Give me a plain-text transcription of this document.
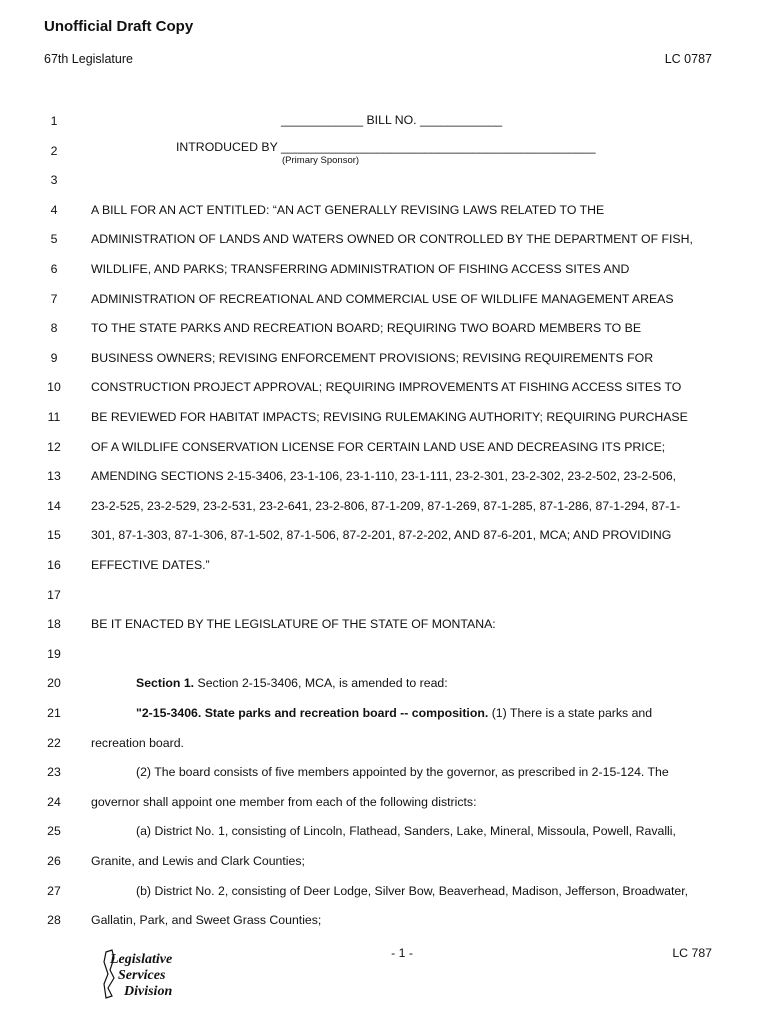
Unofficial Draft Copy
67th Legislature	LC 0787
____________ BILL NO. ____________
INTRODUCED BY ______________________________________________
(Primary Sponsor)
1
2
3
4	A BILL FOR AN ACT ENTITLED: “AN ACT GENERALLY REVISING LAWS RELATED TO THE
5	ADMINISTRATION OF LANDS AND WATERS OWNED OR CONTROLLED BY THE DEPARTMENT OF FISH,
6	WILDLIFE, AND PARKS; TRANSFERRING ADMINISTRATION OF FISHING ACCESS SITES AND
7	ADMINISTRATION OF RECREATIONAL AND COMMERCIAL USE OF WILDLIFE MANAGEMENT AREAS
8	TO THE STATE PARKS AND RECREATION BOARD; REQUIRING TWO BOARD MEMBERS TO BE
9	BUSINESS OWNERS; REVISING ENFORCEMENT PROVISIONS; REVISING REQUIREMENTS FOR
10	CONSTRUCTION PROJECT APPROVAL; REQUIRING IMPROVEMENTS AT FISHING ACCESS SITES TO
11	BE REVIEWED FOR HABITAT IMPACTS; REVISING RULEMAKING AUTHORITY; REQUIRING PURCHASE
12	OF A WILDLIFE CONSERVATION LICENSE FOR CERTAIN LAND USE AND DECREASING ITS PRICE;
13	AMENDING SECTIONS 2-15-3406, 23-1-106, 23-1-110, 23-1-111, 23-2-301, 23-2-302, 23-2-502, 23-2-506,
14	23-2-525, 23-2-529, 23-2-531, 23-2-641, 23-2-806, 87-1-209, 87-1-269, 87-1-285, 87-1-286, 87-1-294, 87-1-
15	301, 87-1-303, 87-1-306, 87-1-502, 87-1-506, 87-2-201, 87-2-202, AND 87-6-201, MCA; AND PROVIDING
16	EFFECTIVE DATES.”
17
18	BE IT ENACTED BY THE LEGISLATURE OF THE STATE OF MONTANA:
19
20	Section 1. Section 2-15-3406, MCA, is amended to read:
21	"2-15-3406. State parks and recreation board -- composition. (1) There is a state parks and
22	recreation board.
23	(2) The board consists of five members appointed by the governor, as prescribed in 2-15-124. The
24	governor shall appoint one member from each of the following districts:
25	(a) District No. 1, consisting of Lincoln, Flathead, Sanders, Lake, Mineral, Missoula, Powell, Ravalli,
26	Granite, and Lewis and Clark Counties;
27	(b) District No. 2, consisting of Deer Lodge, Silver Bow, Beaverhead, Madison, Jefferson, Broadwater,
28	Gallatin, Park, and Sweet Grass Counties;
- 1 -	LC 787
Legislative
Services
Division
